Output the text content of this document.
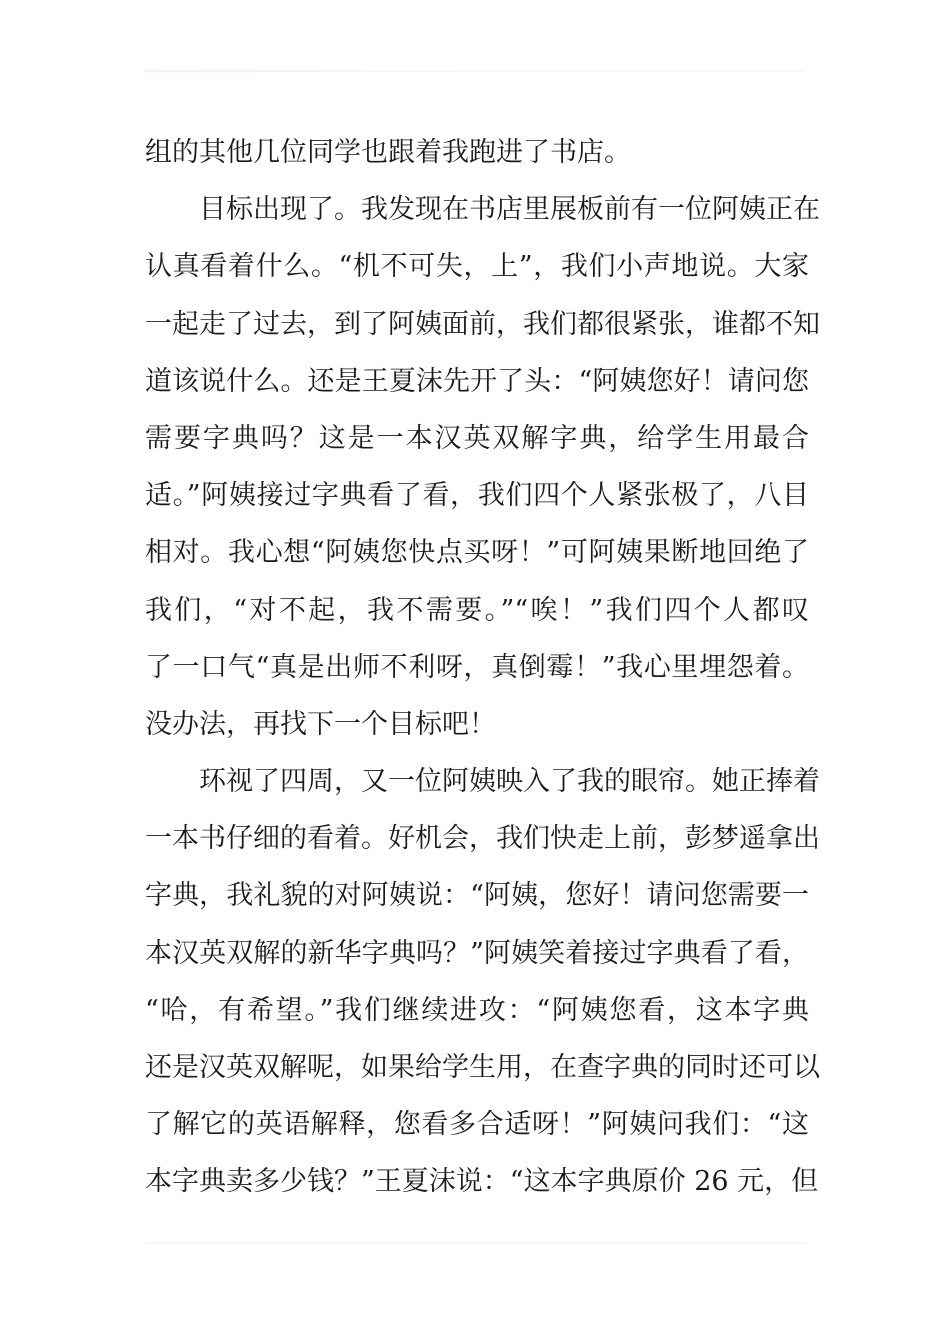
组的其他几位同学也跟着我跑进了书店。
目标出现了。我发现在书店里展板前有一位阿姨正在
认真看着什么。“机不可失，上”，我们小声地说。大家
一起走了过去，到了阿姨面前，我们都很紧张，谁都不知
道该说什么。还是王夏沫先开了头：“阿姨您好！请问您
需要字典吗？这是一本汉英双解字典，给学生用最合
适。”阿姨接过字典看了看，我们四个人紧张极了，八目
相对。我心想“阿姨您快点买呀！”可阿姨果断地回绝了
我们，“对不起，我不需要。”“唉！”我们四个人都叹
了一口气“真是出师不利呀，真倒霉！”我心里埋怨着。
没办法，再找下一个目标吧！
环视了四周，又一位阿姨映入了我的眼帘。她正捧着
一本书仔细的看着。好机会，我们快走上前，彭梦遥拿出
字典，我礼貌的对阿姨说：“阿姨，您好！请问您需要一
本汉英双解的新华字典吗？”阿姨笑着接过字典看了看，
“哈，有希望。”我们继续进攻：“阿姨您看，这本字典
还是汉英双解呢，如果给学生用，在查字典的同时还可以
了解它的英语解释，您看多合适呀！”阿姨问我们：“这
本字典卖多少钱？”王夏沫说：“这本字典原价 26 元，但
